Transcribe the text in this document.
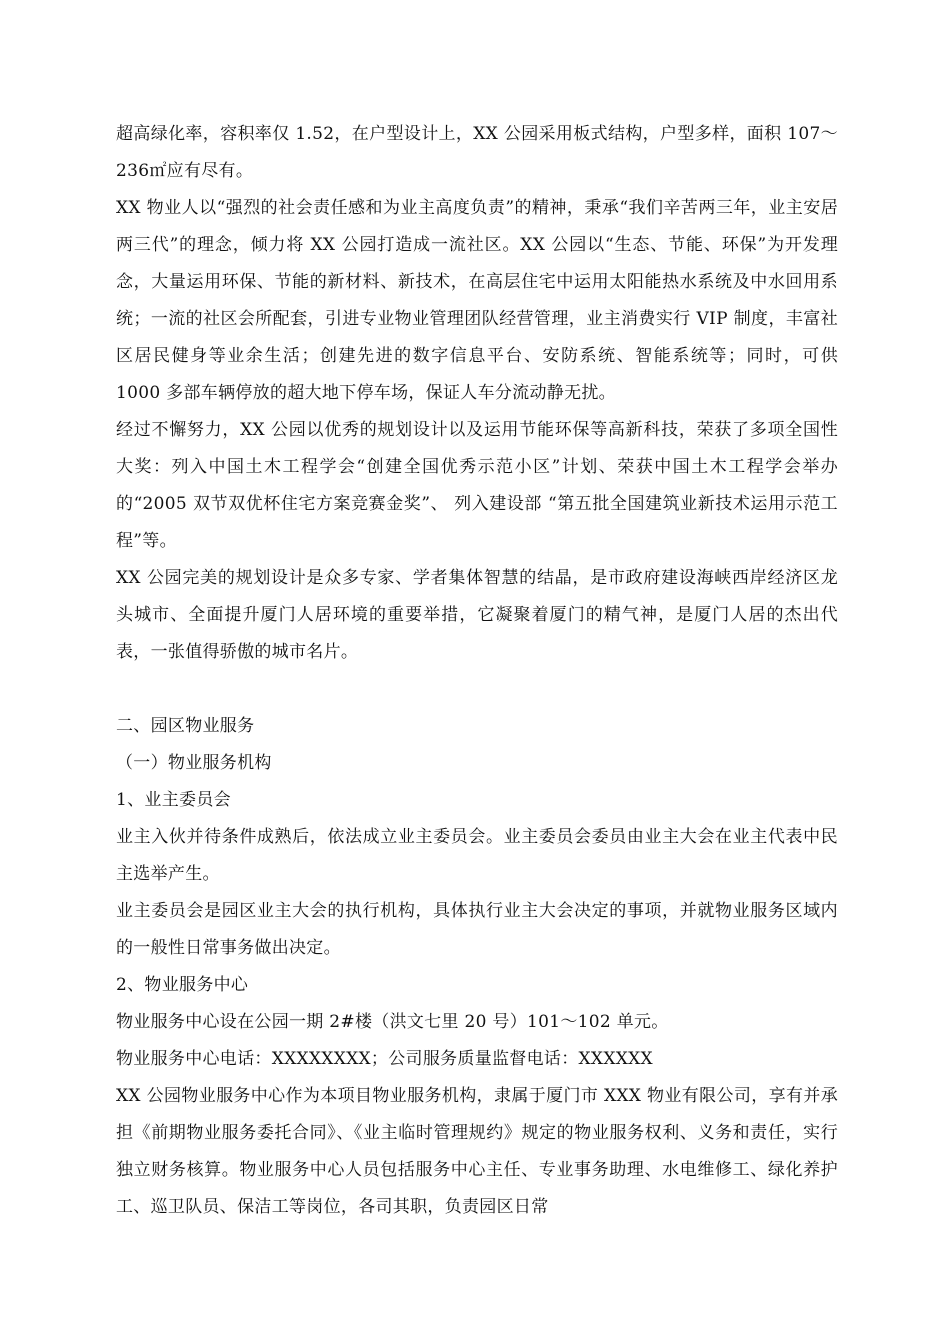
超高绿化率，容积率仅 1.52，在户型设计上，XX 公园采用板式结构，户型多样，面积 107～236㎡应有尽有。

XX 物业人以“强烈的社会责任感和为业主高度负责”的精神，秉承“我们辛苦两三年，业主安居两三代”的理念，倾力将 XX 公园打造成一流社区。XX 公园以“生态、节能、环保”为开发理念，大量运用环保、节能的新材料、新技术，在高层住宅中运用太阳能热水系统及中水回用系统；一流的社区会所配套，引进专业物业管理团队经营管理，业主消费实行 VIP 制度，丰富社区居民健身等业余生活；创建先进的数字信息平台、安防系统、智能系统等；同时，可供 1000 多部车辆停放的超大地下停车场，保证人车分流动静无扰。

经过不懈努力，XX 公园以优秀的规划设计以及运用节能环保等高新科技，荣获了多项全国性大奖：列入中国土木工程学会“创建全国优秀示范小区”计划、荣获中国土木工程学会举办的“2005 双节双优杯住宅方案竞赛金奖”、 列入建设部 “第五批全国建筑业新技术运用示范工程”等。

XX 公园完美的规划设计是众多专家、学者集体智慧的结晶，是市政府建设海峡西岸经济区龙头城市、全面提升厦门人居环境的重要举措，它凝聚着厦门的精气神，是厦门人居的杰出代表，一张值得骄傲的城市名片。

二、园区物业服务

（一）物业服务机构

1、业主委员会

业主入伙并待条件成熟后，依法成立业主委员会。业主委员会委员由业主大会在业主代表中民主选举产生。

业主委员会是园区业主大会的执行机构，具体执行业主大会决定的事项，并就物业服务区域内的一般性日常事务做出决定。

2、物业服务中心

物业服务中心设在公园一期 2#楼（洪文七里 20 号）101～102 单元。

物业服务中心电话：XXXXXXXX；公司服务质量监督电话：XXXXXX

XX 公园物业服务中心作为本项目物业服务机构，隶属于厦门市 XXX 物业有限公司，享有并承担《前期物业服务委托合同》、《业主临时管理规约》规定的物业服务权利、义务和责任，实行独立财务核算。物业服务中心人员包括服务中心主任、专业事务助理、水电维修工、绿化养护工、巡卫队员、保洁工等岗位，各司其职，负责园区日常
